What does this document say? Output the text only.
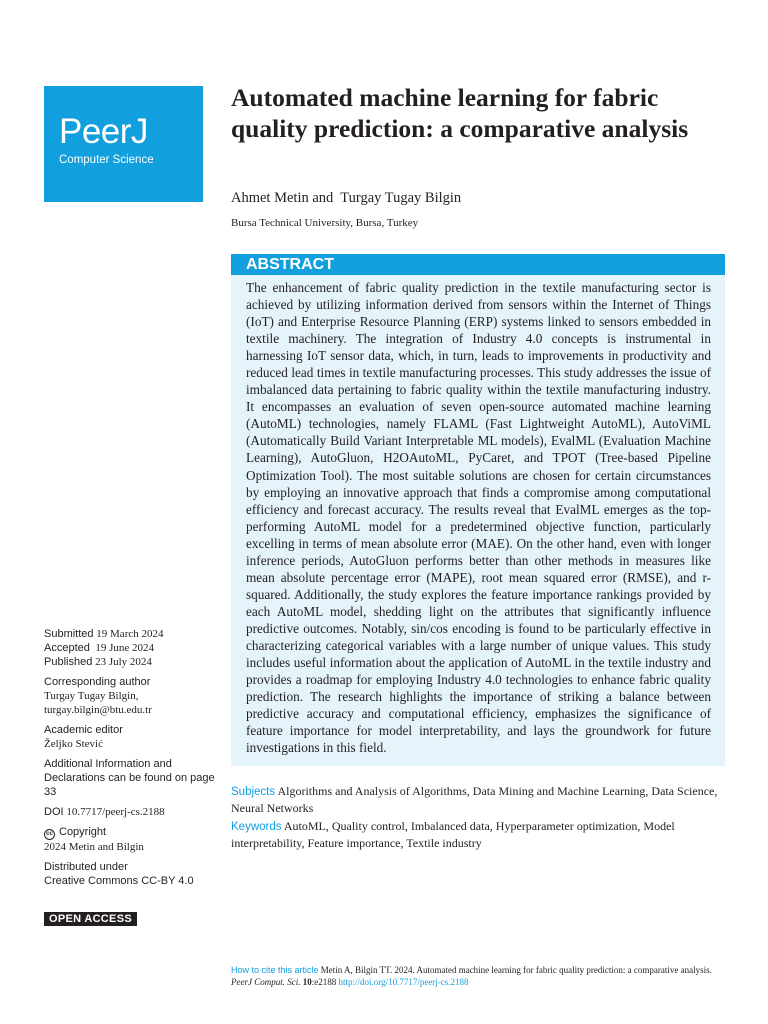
PeerJ
Computer Science
Automated machine learning for fabric quality prediction: a comparative analysis
Ahmet Metin and  Turgay Tugay Bilgin
Bursa Technical University, Bursa, Turkey
ABSTRACT
The enhancement of fabric quality prediction in the textile manufacturing sector is achieved by utilizing information derived from sensors within the Internet of Things (IoT) and Enterprise Resource Planning (ERP) systems linked to sensors embedded in textile machinery. The integration of Industry 4.0 concepts is instrumental in harnessing IoT sensor data, which, in turn, leads to improvements in productivity and reduced lead times in textile manufacturing processes. This study addresses the issue of imbalanced data pertaining to fabric quality within the textile manufacturing industry. It encompasses an evaluation of seven open-source automated machine learning (AutoML) technologies, namely FLAML (Fast Lightweight AutoML), AutoViML (Automatically Build Variant Interpretable ML models), EvalML (Evaluation Machine Learning), AutoGluon, H2OAutoML, PyCaret, and TPOT (Tree-based Pipeline Optimization Tool). The most suitable solutions are chosen for certain circumstances by employing an innovative approach that finds a compromise among computational efficiency and forecast accuracy. The results reveal that EvalML emerges as the top-performing AutoML model for a predetermined objective function, particularly excelling in terms of mean absolute error (MAE). On the other hand, even with longer inference periods, AutoGluon performs better than other methods in measures like mean absolute percentage error (MAPE), root mean squared error (RMSE), and r-squared. Additionally, the study explores the feature importance rankings provided by each AutoML model, shedding light on the attributes that significantly influence predictive outcomes. Notably, sin/cos encoding is found to be particularly effective in characterizing categorical variables with a large number of unique values. This study includes useful information about the application of AutoML in the textile industry and provides a roadmap for employing Industry 4.0 technologies to enhance fabric quality prediction. The research highlights the importance of striking a balance between predictive accuracy and computational efficiency, emphasizes the significance of feature importance for model interpretability, and lays the groundwork for future investigations in this field.

Subjects Algorithms and Analysis of Algorithms, Data Mining and Machine Learning, Data Science, Neural Networks

Keywords AutoML, Quality control, Imbalanced data, Hyperparameter optimization, Model interpretability, Feature importance, Textile industry

Submitted 19 March 2024
Accepted 19 June 2024
Published 23 July 2024
Corresponding author
Turgay Tugay Bilgin,
turgay.bilgin@btu.edu.tr
Academic editor
Željko Stević
Additional Information and Declarations can be found on page 33
DOI 10.7717/peerj-cs.2188
cc Copyright
2024 Metin and Bilgin
Distributed under
Creative Commons CC-BY 4.0
OPEN ACCESS
How to cite this article Metin A, Bilgin TT. 2024. Automated machine learning for fabric quality prediction: a comparative analysis.
PeerJ Comput. Sci. 10:e2188 http://doi.org/10.7717/peerj-cs.2188
